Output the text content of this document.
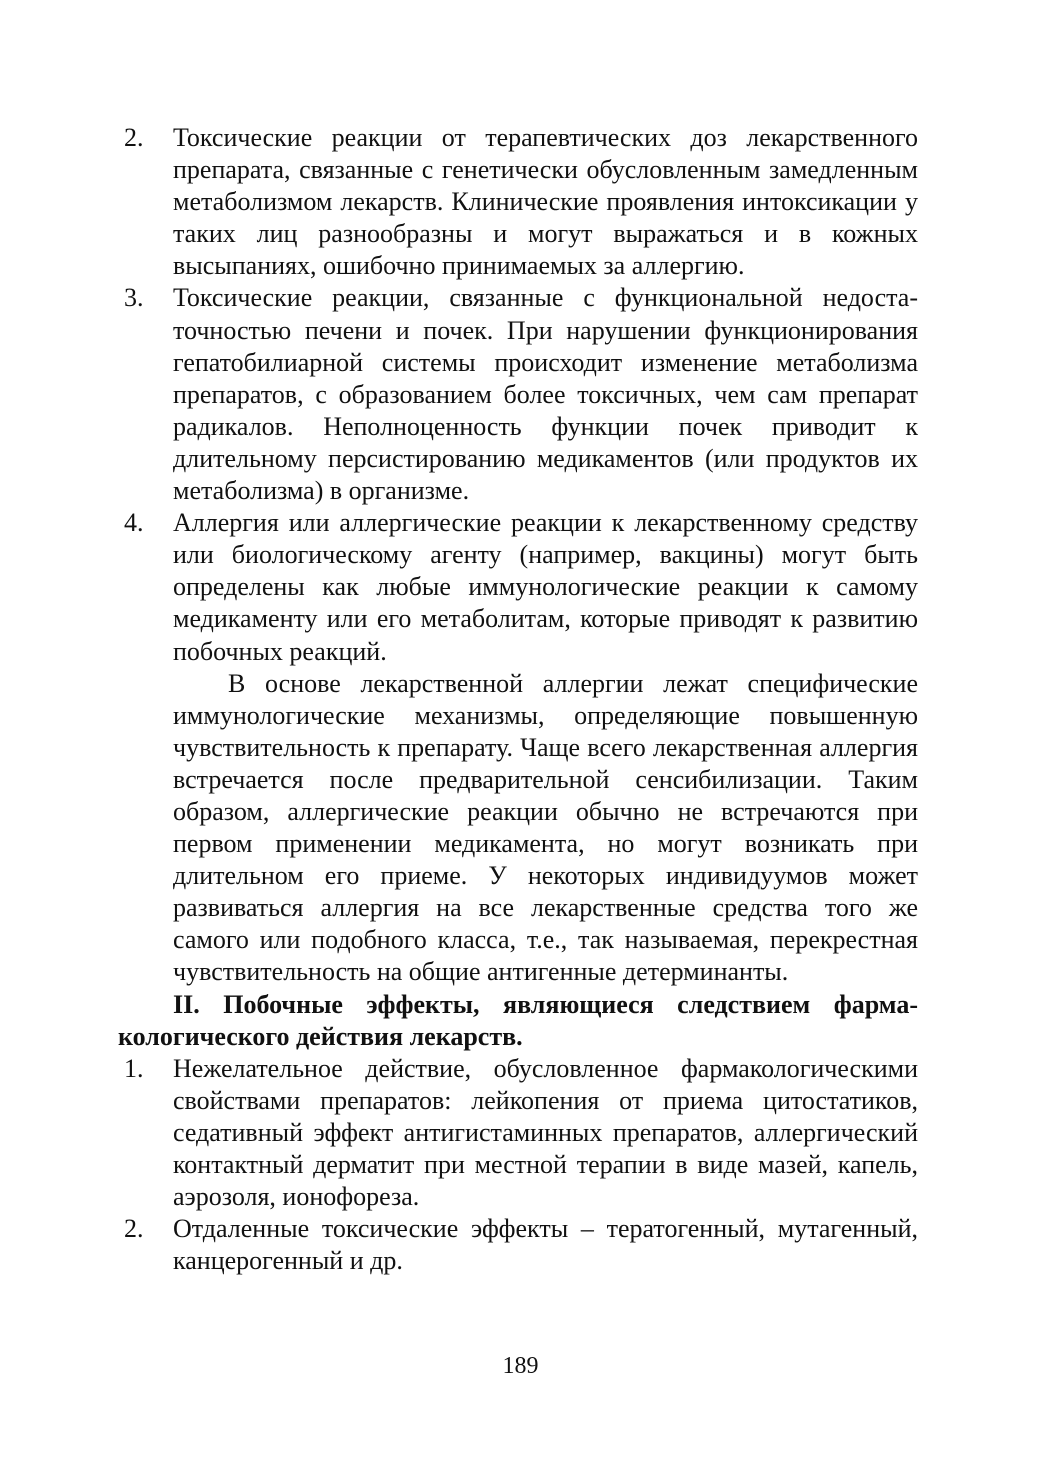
2. Токсические реакции от терапевтических доз лекарственного препарата, связанные с генетически обусловленным замедленным метаболизмом лекарств. Клинические проявления интоксикации у таких лиц разнообразны и могут выражаться и в кожных высыпаниях, ошибочно принимаемых за аллергию.
3. Токсические реакции, связанные с функциональной недостаточностью печени и почек. При нарушении функционирования гепатобилиарной системы происходит изменение метаболизма препаратов, с образованием более токсичных, чем сам препарат радикалов. Неполноценность функции почек приводит к длительному персистированию медикаментов (или продуктов их метаболизма) в организме.
4. Аллергия или аллергические реакции к лекарственному средству или биологическому агенту (например, вакцины) могут быть определены как любые иммунологические реакции к самому медикаменту или его метаболитам, которые приводят к развитию побочных реакций.

В основе лекарственной аллергии лежат специфические иммунологические механизмы, определяющие повышенную чувствительность к препарату. Чаще всего лекарственная аллергия встречается после предварительной сенсибилизации. Таким образом, аллергические реакции обычно не встречаются при первом применении медикамента, но могут возникать при длительном его приеме. У некоторых индивидуумов может развиваться аллергия на все лекарственные средства того же самого или подобного класса, т.е., так называемая, перекрестная чувствительность на общие антигенные детерминанты.

II. Побочные эффекты, являющиеся следствием фармакологического действия лекарств.

1. Нежелательное действие, обусловленное фармакологическими свойствами препаратов: лейкопения от приема цитостатиков, седативный эффект антигистаминных препаратов, аллергический контактный дерматит при местной терапии в виде мазей, капель, аэрозоля, ионофореза.
2. Отдаленные токсические эффекты – тератогенный, мутагенный, канцерогенный и др.
189
